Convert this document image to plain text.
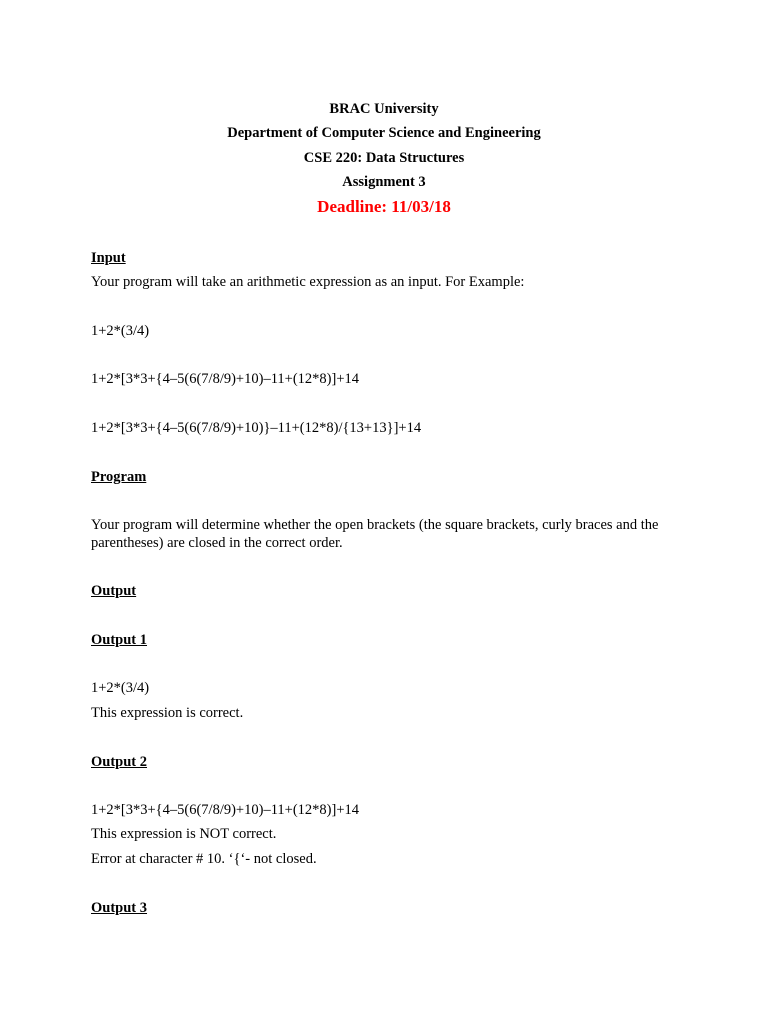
BRAC University
Department of Computer Science and Engineering
CSE 220: Data Structures
Assignment 3
Deadline: 11/03/18
Input
Your program will take an arithmetic expression as an input. For Example:
1+2*(3/4)
1+2*[3*3+{4–5(6(7/8/9)+10)–11+(12*8)]+14
1+2*[3*3+{4–5(6(7/8/9)+10)}–11+(12*8)/{13+13}]+14
Program
Your program will determine whether the open brackets (the square brackets, curly braces and the parentheses) are closed in the correct order.
Output
Output 1
1+2*(3/4)
This expression is correct.
Output 2
1+2*[3*3+{4–5(6(7/8/9)+10)–11+(12*8)]+14
This expression is NOT correct.
Error at character # 10. ‘{‘- not closed.
Output 3
